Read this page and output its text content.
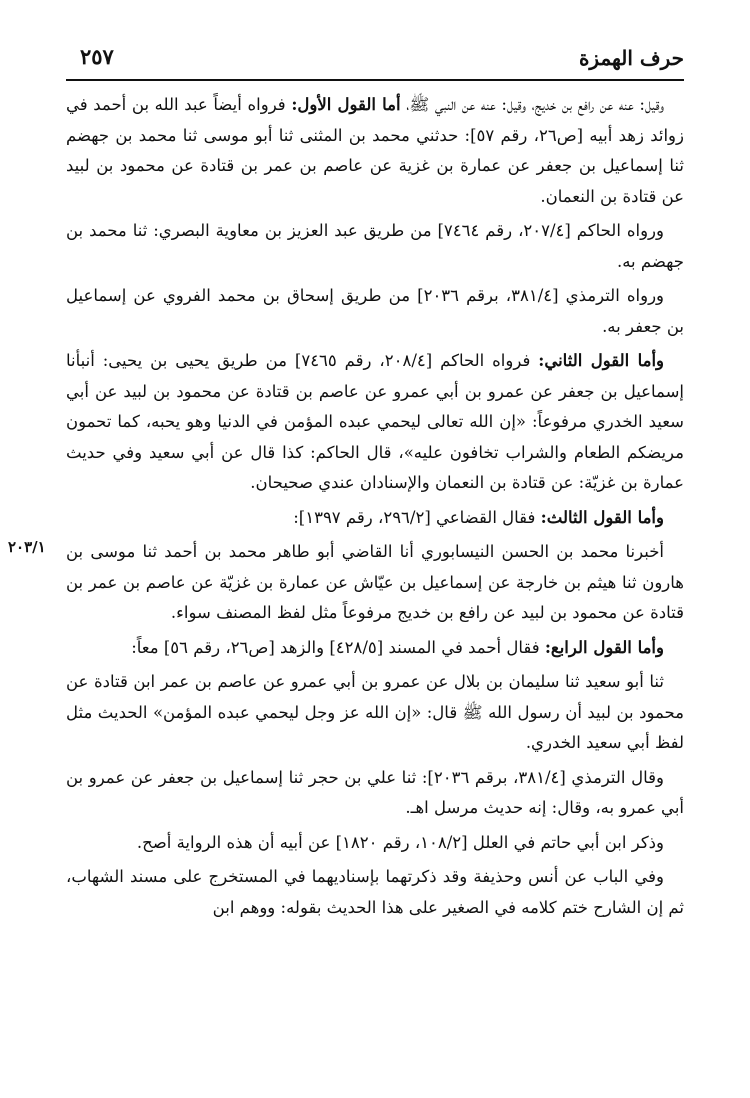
حرف الهمزة
٢٥٧
٢٠٣/١

وقيل: عنه عن رافع بن خديج، وقيل: عنه عن النبي ﷺ، أما القول الأول: فرواه أيضاً عبد الله بن أحمد في زوائد زهد أبيه [ص٢٦، رقم ٥٧]: حدثني محمد بن المثنى ثنا أبو موسى ثنا محمد بن جهضم ثنا إسماعيل بن جعفر عن عمارة بن غزية عن عاصم بن عمر بن قتادة عن محمود بن لبيد عن قتادة بن النعمان.

ورواه الحاكم [٢٠٧/٤، رقم ٧٤٦٤] من طريق عبد العزيز بن معاوية البصري: ثنا محمد بن جهضم به.

ورواه الترمذي [٣٨١/٤، برقم ٢٠٣٦] من طريق إسحاق بن محمد الفروي عن إسماعيل بن جعفر به.

وأما القول الثاني: فرواه الحاكم [٢٠٨/٤، رقم ٧٤٦٥] من طريق يحيى بن يحيى: أنبأنا إسماعيل بن جعفر عن عمرو بن أبي عمرو عن عاصم بن قتادة عن محمود بن لبيد عن أبي سعيد الخدري مرفوعاً: «إن الله تعالى ليحمي عبده المؤمن في الدنيا وهو يحبه، كما تحمون مريضكم الطعام والشراب تخافون عليه»، قال الحاكم: كذا قال عن أبي سعيد وفي حديث عمارة بن غزيّة: عن قتادة بن النعمان والإسنادان عندي صحيحان.

وأما القول الثالث: فقال القضاعي [٢٩٦/٢، رقم ١٣٩٧]:

أخبرنا محمد بن الحسن النيسابوري أنا القاضي أبو طاهر محمد بن أحمد ثنا موسى بن هارون ثنا هيثم بن خارجة عن إسماعيل بن عيّاش عن عمارة بن غزيّة عن عاصم بن عمر بن قتادة عن محمود بن لبيد عن رافع بن خديج مرفوعاً مثل لفظ المصنف سواء.

وأما القول الرابع: فقال أحمد في المسند [٤٢٨/٥] والزهد [ص٢٦، رقم ٥٦] معاً:

ثنا أبو سعيد ثنا سليمان بن بلال عن عمرو بن أبي عمرو عن عاصم بن عمر ابن قتادة عن محمود بن لبيد أن رسول الله ﷺ قال: «إن الله عز وجل ليحمي عبده المؤمن» الحديث مثل لفظ أبي سعيد الخدري.

وقال الترمذي [٣٨١/٤، برقم ٢٠٣٦]: ثنا علي بن حجر ثنا إسماعيل بن جعفر عن عمرو بن أبي عمرو به، وقال: إنه حديث مرسل اهـ.

وذكر ابن أبي حاتم في العلل [١٠٨/٢، رقم ١٨٢٠] عن أبيه أن هذه الرواية أصح.

وفي الباب عن أنس وحذيفة وقد ذكرتهما بإسناديهما في المستخرج على مسند الشهاب، ثم إن الشارح ختم كلامه في الصغير على هذا الحديث بقوله: ووهم ابن
